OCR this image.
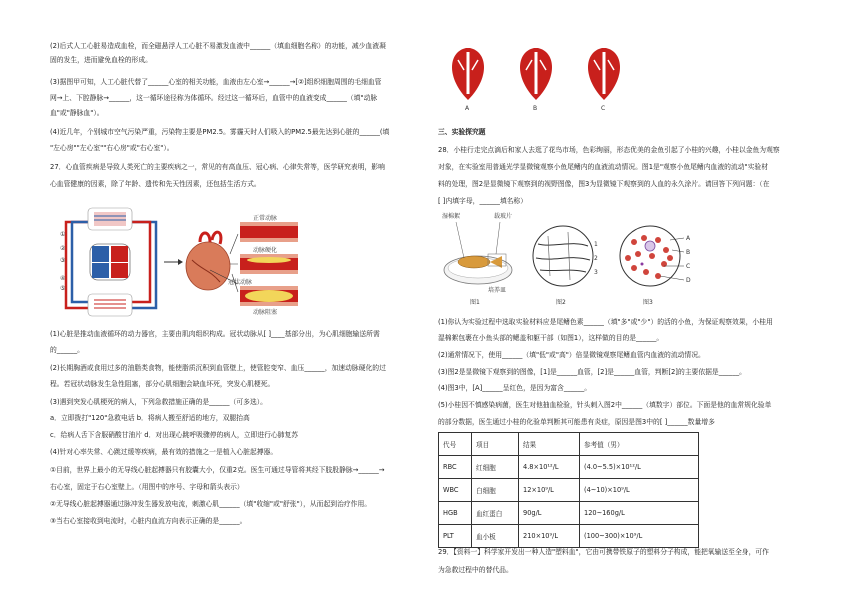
(2)后式人工心脏易造成血栓，而全磁悬浮人工心脏不易激发血液中______（填血细胞名称）的功能，减少血液凝
固的发生，进而避免血栓的形成。
(3)据图甲可知，人工心脏代替了______心室的相关功能，血液由左心室→______→[②]组织细胞周围的毛细血管
网→上、下腔静脉→______，这一循环途径称为体循环。经过这一循环后，血管中的血液变成______（填"动脉
血"或"静脉血"）。
(4)近几年，个别城市空气污染严重，污染物主要是PM2.5。雾霾天时人们吸入的PM2.5最先达到心脏的______(填
"左心房""左心室""右心房"或"右心室"）。
27．心血管疾病是导致人类死亡的主要疾病之一，常见的有高血压、冠心病、心律失常等，医学研究表明，影响
心血管健康的因素，除了年龄、遗传和先天性因素，还包括生活方式。
①
②
③
④
⑤
冠状动脉
正常动脉
动脉硬化
动脉阻塞
(1)心脏是推动血液循环的动力器官，主要由肌肉组织构成。冠状动脉从[ ]____基部分出，为心肌细胞输送所需
的______。
(2)长期胸酒或食用过多的油脂类食物，能使脂质沉积到血管壁上，使管腔变窄、血压______，加速动脉硬化的过
程。若冠状动脉发生急性阻塞，部分心肌细胞会缺血坏死，突发心肌梗死。
(3)遇到突发心肌梗死的病人，下列急救措施正确的是______（可多选）。
a．立即拨打"120"急救电话 b．将病人搬至舒适的地方，双腿抬高
c．给病人舌下含服硝酸甘油片 d．对出现心跳呼吸骤停的病人，立即进行心肺复苏
(4)针对心率失常、心跳过缓等疾病，最有效的措施之一是植入心脏起搏器。
①目前，世界上最小的无导线心脏起搏器只有胶囊大小，仅重2克。医生可通过导管将其经下肢股静脉→______→
右心室，固定于右心室壁上。（用图中的序号、字母和箭头表示）
②无导线心脏起搏器通过脉冲发生器发放电流，刺激心肌______（填"收缩"或"舒张"），从而起到治疗作用。
③当右心室接收到电流时，心脏内血流方向表示正确的是______。
A	B	C
三、实验探究题
28．小桂行走完点滴后和家人去逛了花鸟市场，色彩绚丽，形态优美的金鱼引起了小桂的兴趣，小桂以金鱼为观察
对象，在实验室用普通光学显微镜观察小鱼尾鳍内的血液流动情况。图1是"观察小鱼尾鳍内血液的流动"实验材
料的处理，图2是显微镜下观察到的视野图像，图3为显微镜下观察到的人血的永久涂片。请回答下列问题：（在
[ ]内填字母，______填名称）
湿棉絮	载玻片
培养皿
图1
1
2
3
图2
A
B
C
D
图3
(1)你认为实验过程中选取实验材料应是尾鳍色素______（填"多"或"少"）的活的小鱼，为保证观察效果，小桂用
湿棉絮包裹在小鱼头部的鳃盖和躯干部（如图1），这样做的目的是______。
(2)通常情况下，使用______（填"低"或"高"）倍显微镜观察尾鳍血管内血液的流动情况。
(3)图2是显微镜下观察到的图像，[1]是______血管，[2]是______血管，判断[2]的主要依据是______。
(4)图3中，[A]______呈红色，是因为富含______。
(5)小桂因不慎感染病菌，医生对他抽血检验，针头刺入图2中______（填数字）部位。下面是他的血常规化验单
的部分数据，医生通过小桂的化验单判断其可能患有炎症，原因是图3中的[ ]______数量增多
代号	项目	结果	参考值（男）
RBC	红细胞	4.8×10¹²/L	(4.0~5.5)×10¹²/L
WBC	白细胞	12×10⁹/L	(4~10)×10⁹/L
HGB	血红蛋白	90g/L	120~160g/L
PLT	血小板	210×10⁹/L	(100~300)×10⁹/L
29．【资料一】科学家开发出一种人造"塑料血"，它由可携带铁原子的塑料分子构成，能把氧输送至全身，可作
为急救过程中的替代品。
